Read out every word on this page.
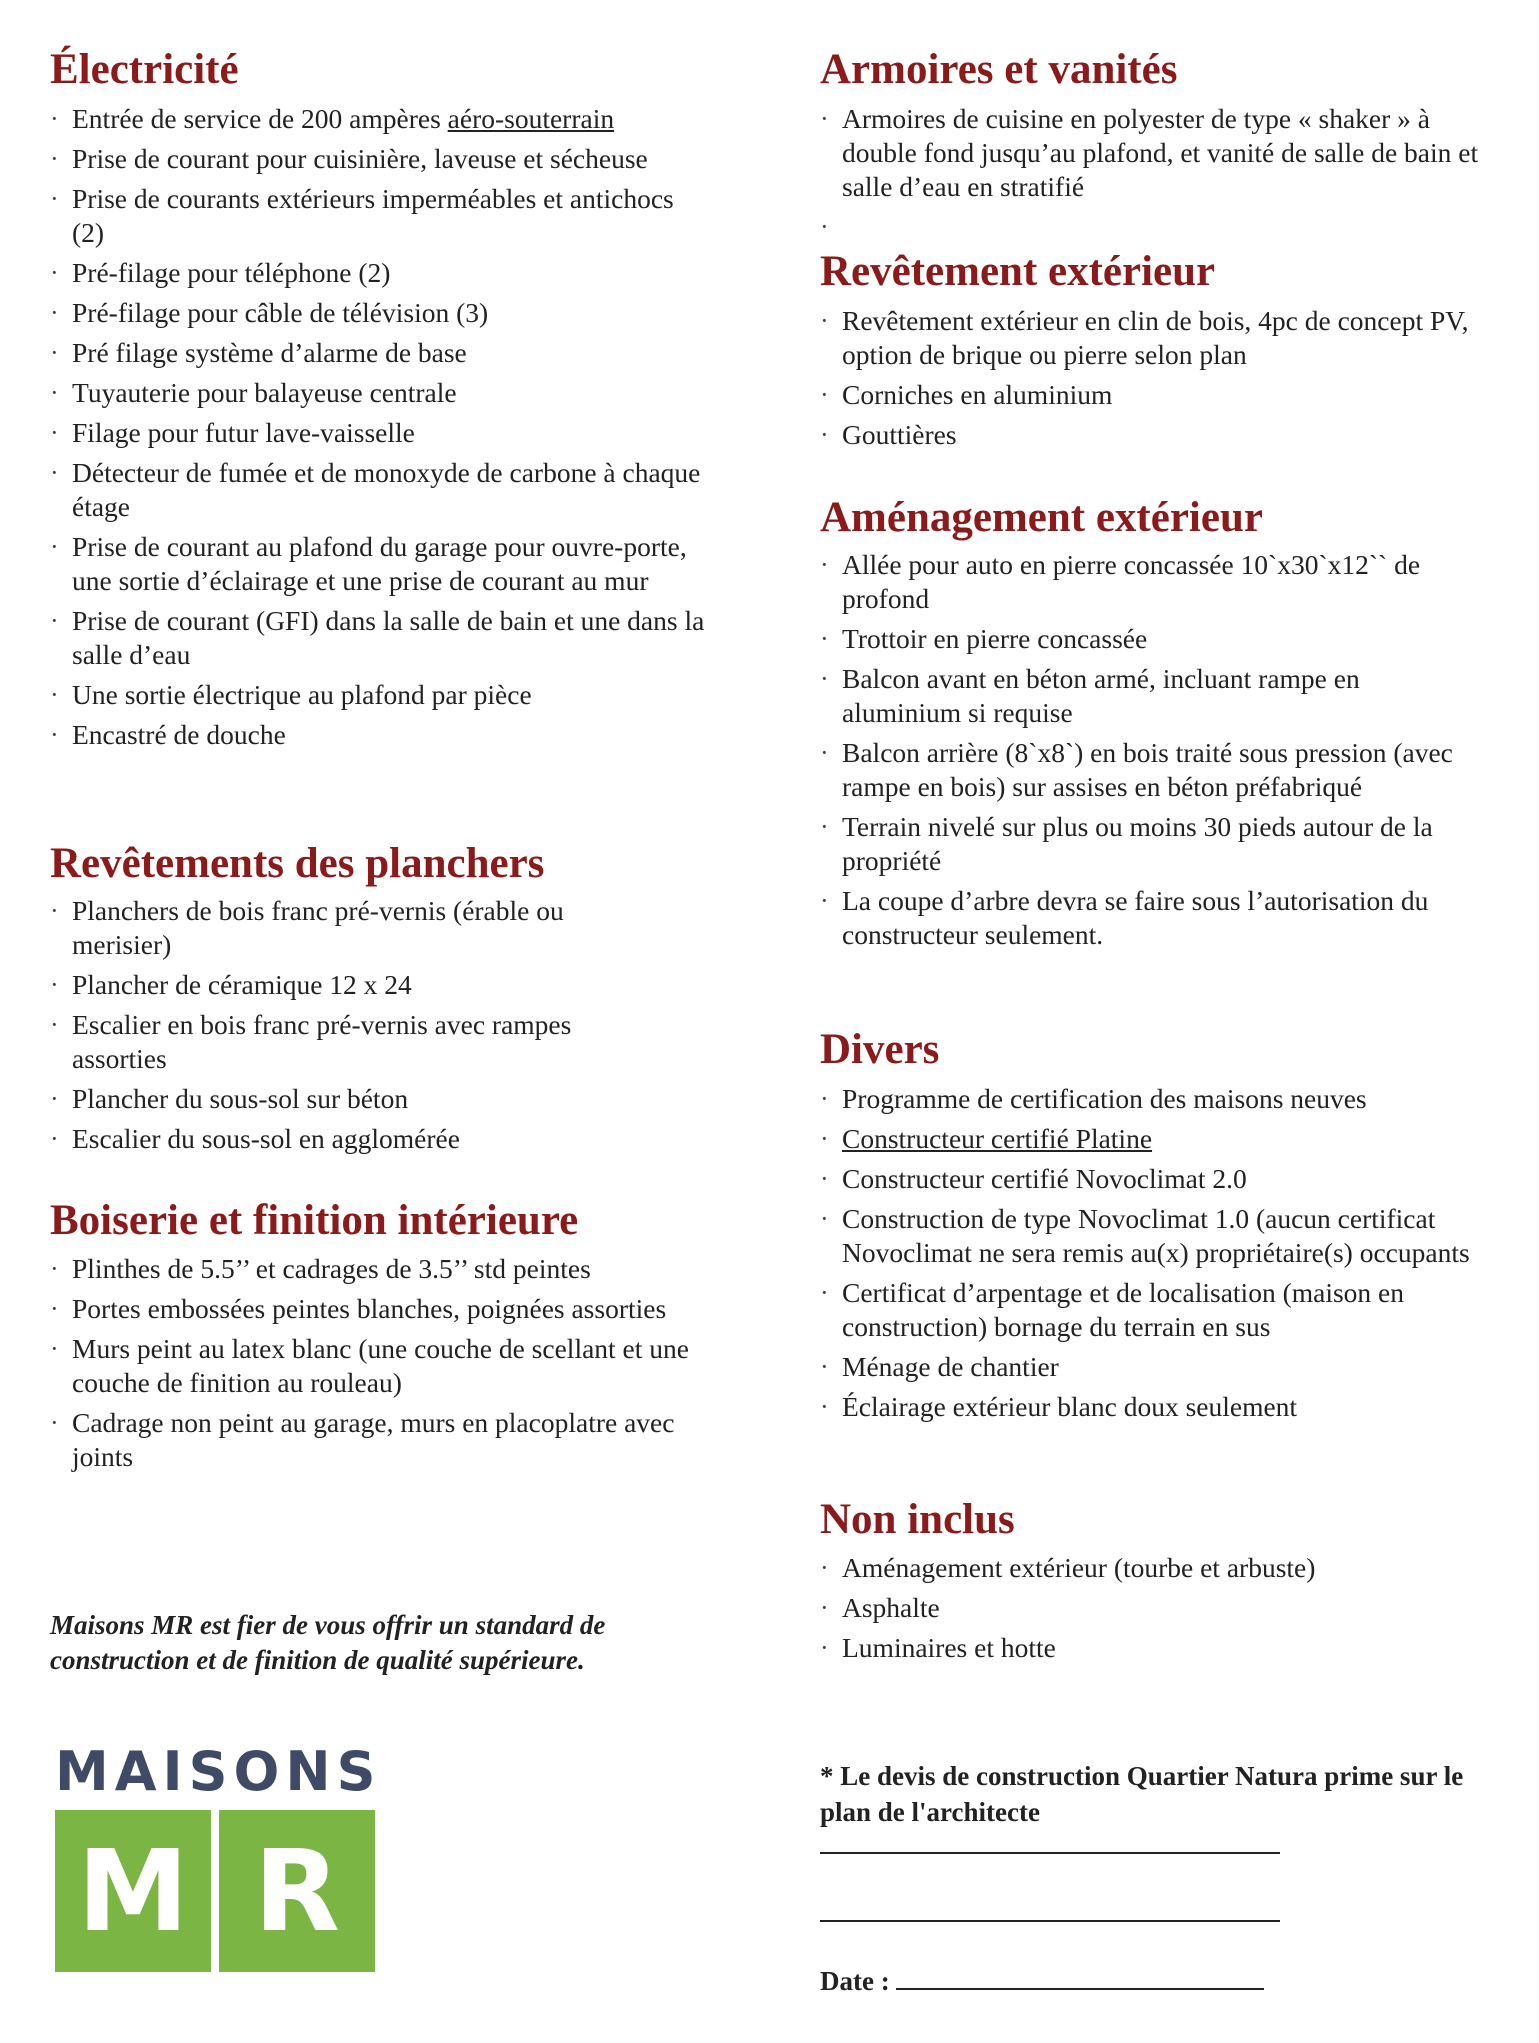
Électricité
· Entrée de service de 200 ampères aéro-souterrain
· Prise de courant pour cuisinière, laveuse et sécheuse
· Prise de courants extérieurs imperméables et antichocs (2)
· Pré-filage pour téléphone (2)
· Pré-filage pour câble de télévision (3)
· Pré filage système d’alarme de base
· Tuyauterie pour balayeuse centrale
· Filage pour futur lave-vaisselle
· Détecteur de fumée et de monoxyde de carbone à chaque étage
· Prise de courant au plafond du garage pour ouvre-porte, une sortie d’éclairage et une prise de courant au mur
· Prise de courant (GFI) dans la salle de bain et une dans la salle d’eau
· Une sortie électrique au plafond par pièce
· Encastré de douche
Revêtements des planchers
· Planchers de bois franc pré-vernis (érable ou merisier)
· Plancher de céramique 12 x 24
· Escalier en bois franc pré-vernis avec rampes assorties
· Plancher du sous-sol sur béton
· Escalier du sous-sol en agglomérée
Boiserie et finition intérieure
· Plinthes de 5.5’’ et cadrages de 3.5’’ std peintes
· Portes embossées peintes blanches, poignées assorties
· Murs peint au latex blanc (une couche de scellant et une couche de finition au rouleau)
· Cadrage non peint au garage, murs en placoplatre avec joints
Maisons MR est fier de vous offrir un standard de construction et de finition de qualité supérieure.
MAISONS
M R
Armoires et vanités
· Armoires de cuisine en polyester de type « shaker » à double fond jusqu’au plafond, et vanité de salle de bain et salle d’eau en stratifié
Revêtement extérieur
· Revêtement extérieur en clin de bois, 4pc de concept PV, option de brique ou pierre selon plan
· Corniches en aluminium
· Gouttières
Aménagement extérieur
· Allée pour auto en pierre concassée 10`x30`x12`` de profond
· Trottoir en pierre concassée
· Balcon avant en béton armé, incluant rampe en aluminium si requise
· Balcon arrière (8`x8`) en bois traité sous pression (avec rampe en bois) sur assises en béton préfabriqué
· Terrain nivelé sur plus ou moins 30 pieds autour de la propriété
· La coupe d’arbre devra se faire sous l’autorisation du constructeur seulement.
Divers
· Programme de certification des maisons neuves
· Constructeur certifié Platine
· Constructeur certifié Novoclimat 2.0
· Construction de type Novoclimat 1.0 (aucun certificat Novoclimat ne sera remis au(x) propriétaire(s) occupants
· Certificat d’arpentage et de localisation (maison en construction) bornage du terrain en sus
· Ménage de chantier
· Éclairage extérieur blanc doux seulement
Non inclus
· Aménagement extérieur (tourbe et arbuste)
· Asphalte
· Luminaires et hotte
* Le devis de construction Quartier Natura prime sur le plan de l'architecte
Date :
